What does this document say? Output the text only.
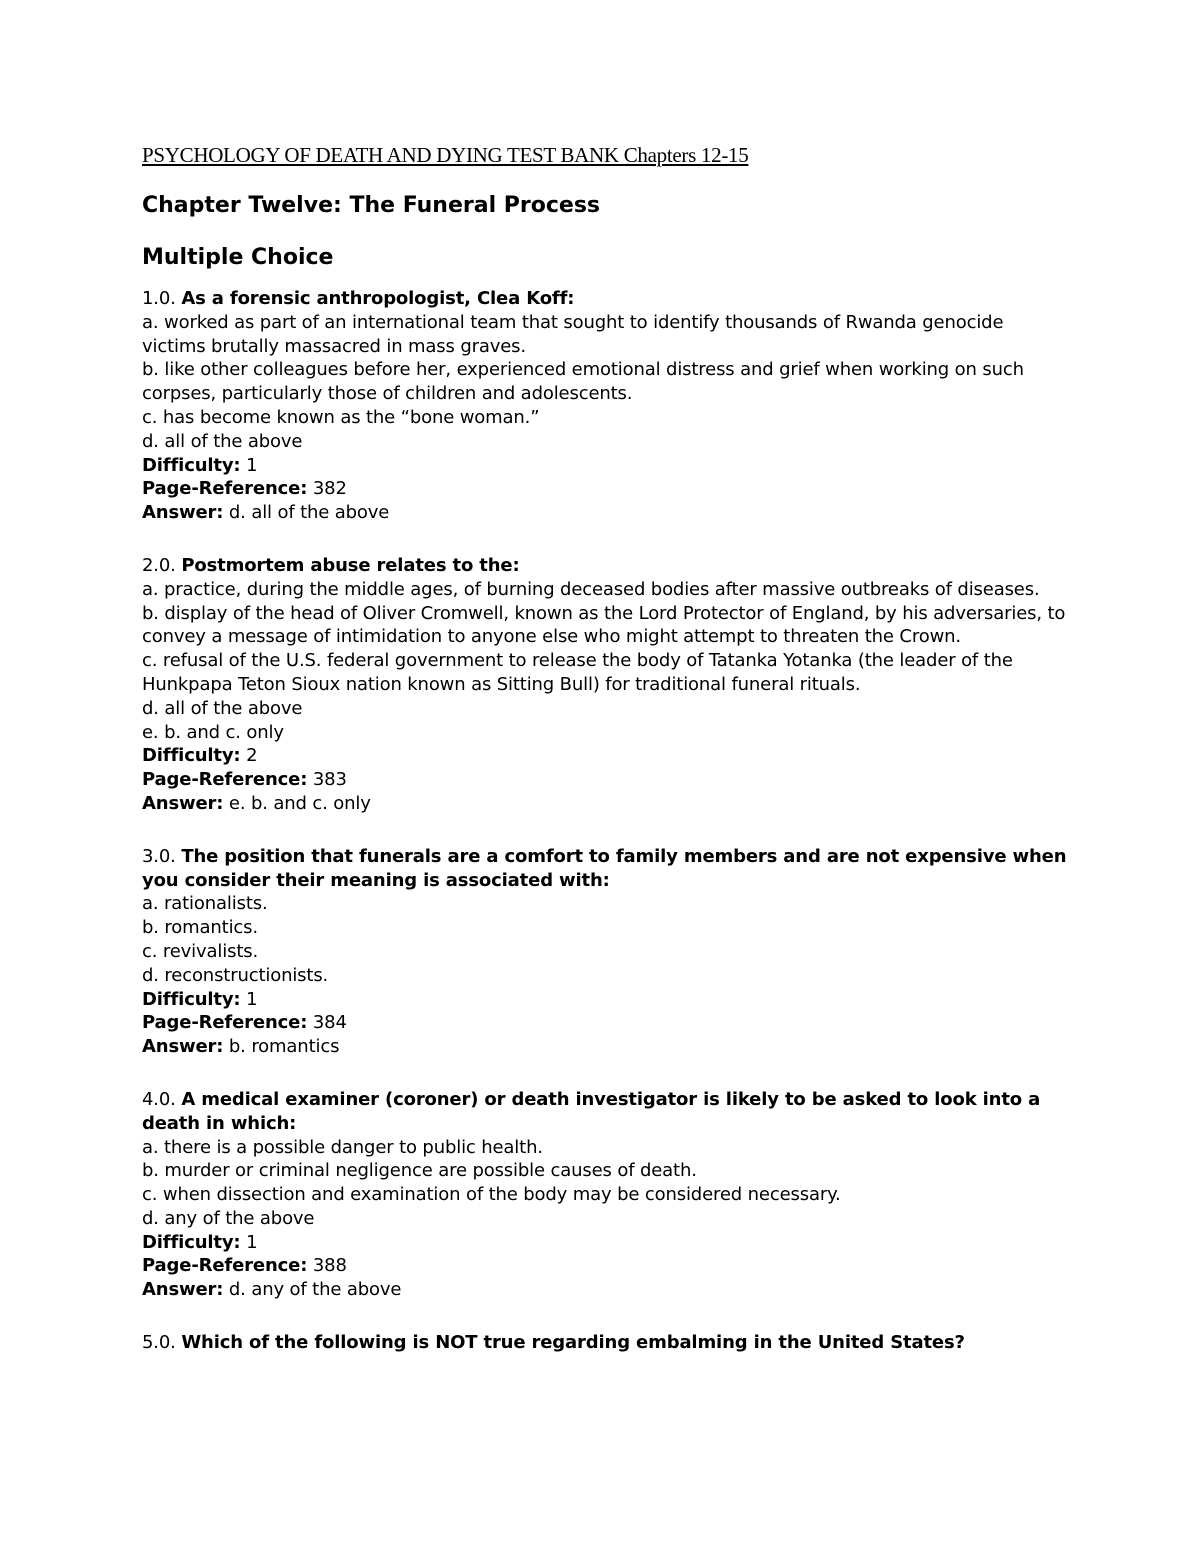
PSYCHOLOGY OF DEATH AND DYING TEST BANK Chapters 12-15
Chapter Twelve: The Funeral Process
Multiple Choice
1.0. As a forensic anthropologist, Clea Koff:
a. worked as part of an international team that sought to identify thousands of Rwanda genocide victims brutally massacred in mass graves.
b. like other colleagues before her, experienced emotional distress and grief when working on such corpses, particularly those of children and adolescents.
c. has become known as the “bone woman.”
d. all of the above
Difficulty: 1
Page-Reference: 382
Answer: d. all of the above
2.0. Postmortem abuse relates to the:
a. practice, during the middle ages, of burning deceased bodies after massive outbreaks of diseases.
b. display of the head of Oliver Cromwell, known as the Lord Protector of England, by his adversaries, to convey a message of intimidation to anyone else who might attempt to threaten the Crown.
c. refusal of the U.S. federal government to release the body of Tatanka Yotanka (the leader of the Hunkpapa Teton Sioux nation known as Sitting Bull) for traditional funeral rituals.
d. all of the above
e. b. and c. only
Difficulty: 2
Page-Reference: 383
Answer: e. b. and c. only
3.0. The position that funerals are a comfort to family members and are not expensive when you consider their meaning is associated with:
a. rationalists.
b. romantics.
c. revivalists.
d. reconstructionists.
Difficulty: 1
Page-Reference: 384
Answer: b. romantics
4.0. A medical examiner (coroner) or death investigator is likely to be asked to look into a death in which:
a. there is a possible danger to public health.
b. murder or criminal negligence are possible causes of death.
c. when dissection and examination of the body may be considered necessary.
d. any of the above
Difficulty: 1
Page-Reference: 388
Answer: d. any of the above
5.0. Which of the following is NOT true regarding embalming in the United States?
